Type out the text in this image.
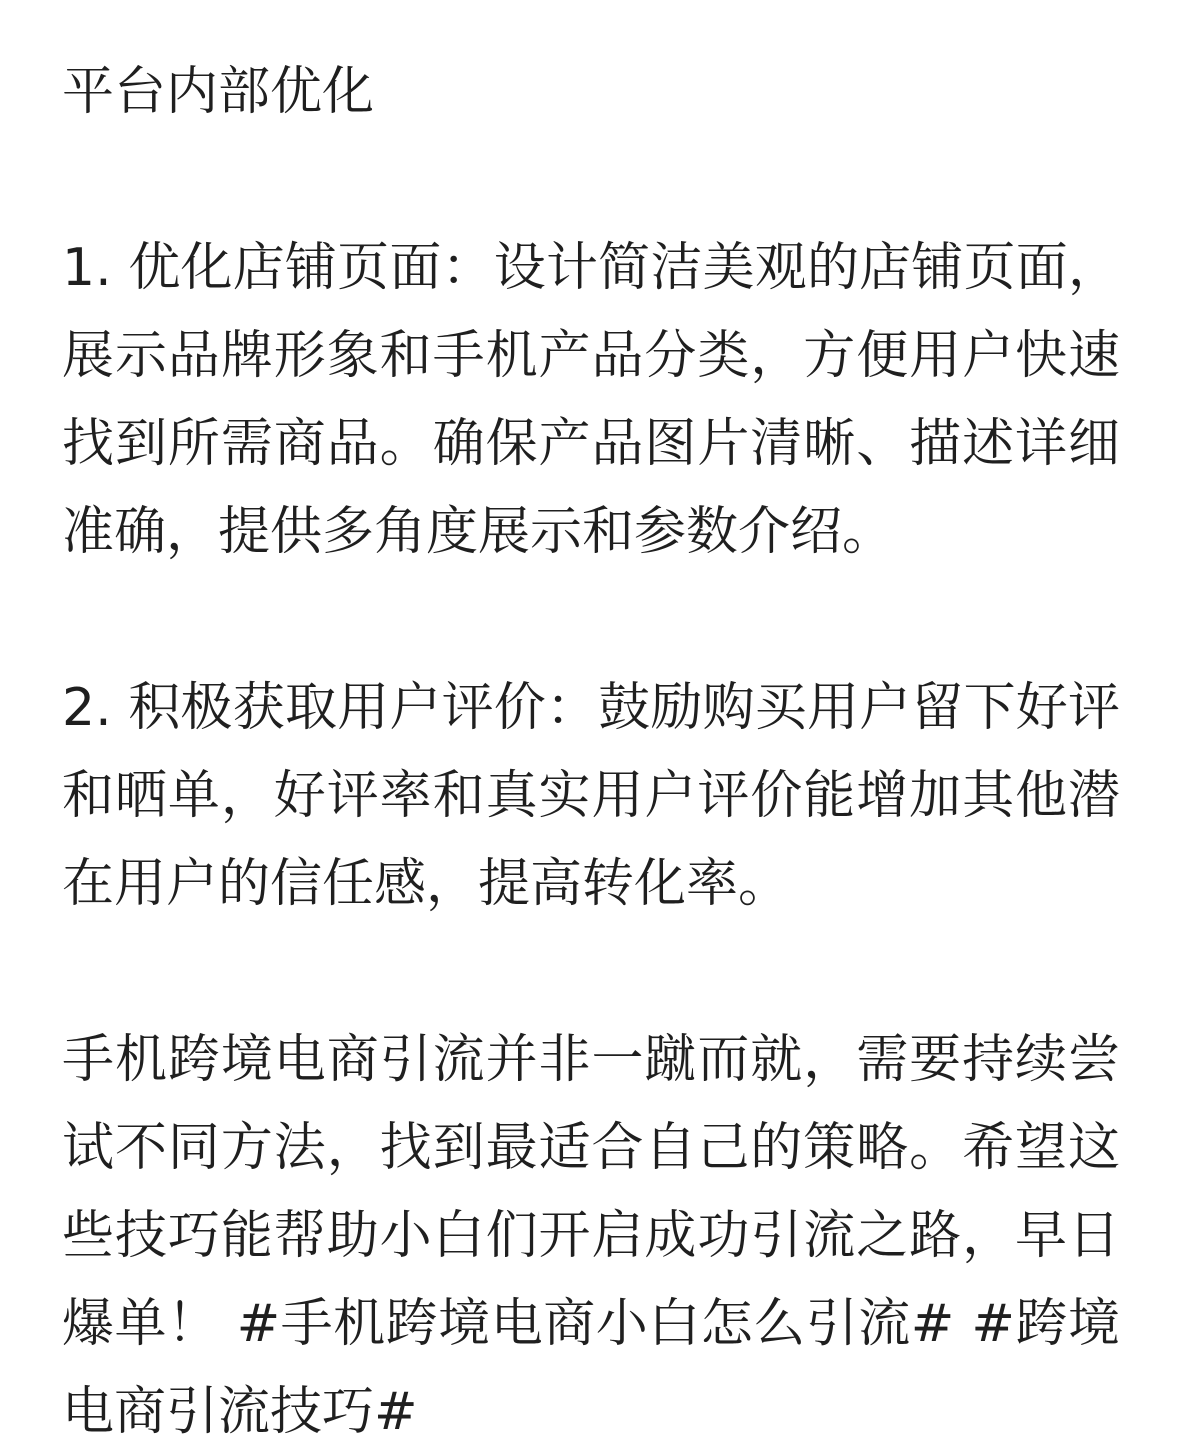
平台内部优化

1. 优化店铺页面：设计简洁美观的店铺页面，展示品牌形象和手机产品分类，方便用户快速找到所需商品。确保产品图片清晰、描述详细准确，提供多角度展示和参数介绍。

2. 积极获取用户评价：鼓励购买用户留下好评和晒单，好评率和真实用户评价能增加其他潜在用户的信任感，提高转化率。

手机跨境电商引流并非一蹴而就，需要持续尝试不同方法，找到最适合自己的策略。希望这些技巧能帮助小白们开启成功引流之路，早日爆单！ #手机跨境电商小白怎么引流# #跨境电商引流技巧#
